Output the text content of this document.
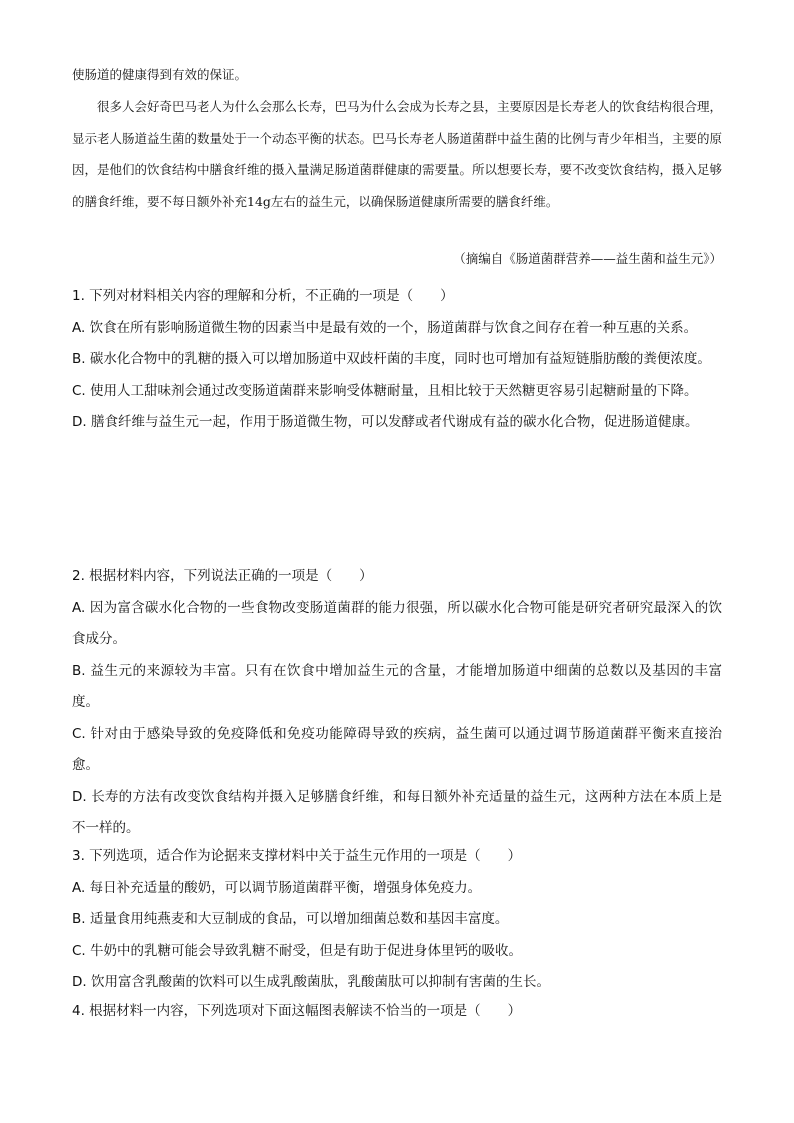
使肠道的健康得到有效的保证。
很多人会好奇巴马老人为什么会那么长寿，巴马为什么会成为长寿之县，主要原因是长寿老人的饮食结构很合理，显示老人肠道益生菌的数量处于一个动态平衡的状态。巴马长寿老人肠道菌群中益生菌的比例与青少年相当，主要的原因，是他们的饮食结构中膳食纤维的摄入量满足肠道菌群健康的需要量。所以想要长寿，要不改变饮食结构，摄入足够的膳食纤维，要不每日额外补充14g左右的益生元，以确保肠道健康所需要的膳食纤维。
（摘编自《肠道菌群营养——益生菌和益生元》）
1. 下列对材料相关内容的理解和分析，不正确的一项是（　　）
A. 饮食在所有影响肠道微生物的因素当中是最有效的一个，肠道菌群与饮食之间存在着一种互惠的关系。
B. 碳水化合物中的乳糖的摄入可以增加肠道中双歧杆菌的丰度，同时也可增加有益短链脂肪酸的粪便浓度。
C. 使用人工甜味剂会通过改变肠道菌群来影响受体糖耐量，且相比较于天然糖更容易引起糖耐量的下降。
D. 膳食纤维与益生元一起，作用于肠道微生物，可以发酵或者代谢成有益的碳水化合物，促进肠道健康。
2. 根据材料内容，下列说法正确的一项是（　　）
A. 因为富含碳水化合物的一些食物改变肠道菌群的能力很强，所以碳水化合物可能是研究者研究最深入的饮食成分。
B. 益生元的来源较为丰富。只有在饮食中增加益生元的含量，才能增加肠道中细菌的总数以及基因的丰富度。
C. 针对由于感染导致的免疫降低和免疫功能障碍导致的疾病，益生菌可以通过调节肠道菌群平衡来直接治愈。
D. 长寿的方法有改变饮食结构并摄入足够膳食纤维，和每日额外补充适量的益生元，这两种方法在本质上是不一样的。
3. 下列选项，适合作为论据来支撑材料中关于益生元作用的一项是（　　）
A. 每日补充适量的酸奶，可以调节肠道菌群平衡，增强身体免疫力。
B. 适量食用纯燕麦和大豆制成的食品，可以增加细菌总数和基因丰富度。
C. 牛奶中的乳糖可能会导致乳糖不耐受，但是有助于促进身体里钙的吸收。
D. 饮用富含乳酸菌的饮料可以生成乳酸菌肽，乳酸菌肽可以抑制有害菌的生长。
4. 根据材料一内容，下列选项对下面这幅图表解读不恰当的一项是（　　）
